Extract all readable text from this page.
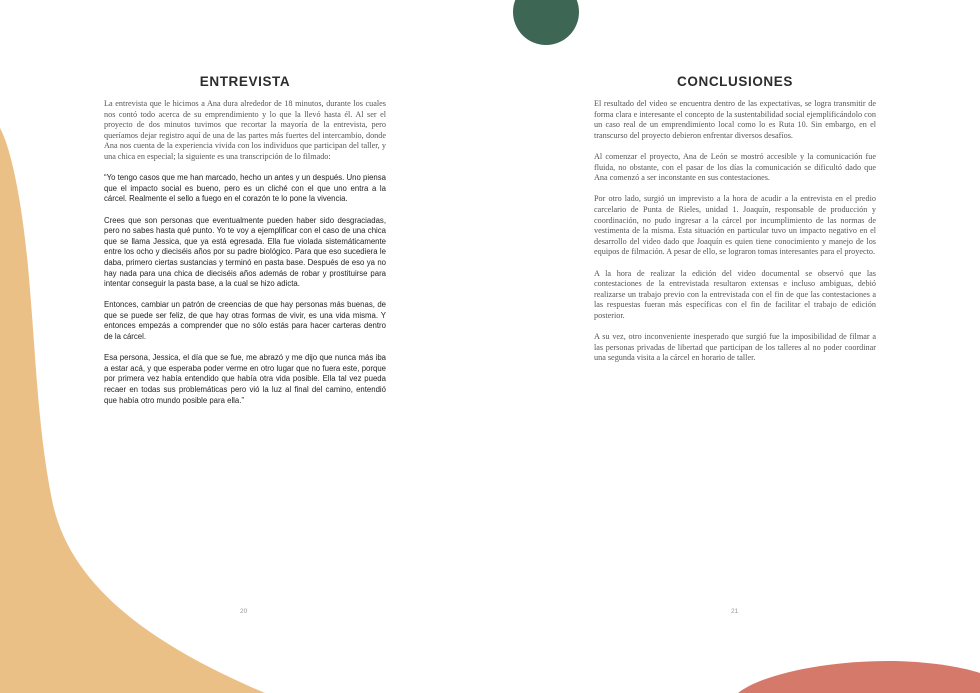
ENTREVISTA

La entrevista que le hicimos a Ana dura alrededor de 18 minutos, durante los cuales nos contó todo acerca de su emprendimiento y lo que la llevó hasta él. Al ser el proyecto de dos minutos tuvimos que recortar la mayoría de la entrevista, pero queríamos dejar registro aquí de una de las partes más fuertes del intercambio, donde Ana nos cuenta de la experiencia vivida con los individuos que participan del taller, y una chica en especial; la siguiente es una transcripción de lo filmado:

“Yo tengo casos que me han marcado, hecho un antes y un después. Uno piensa que el impacto social es bueno, pero es un cliché con el que uno entra a la cárcel. Realmente el sello a fuego en el corazón te lo pone la vivencia.

Crees que son personas que eventualmente pueden haber sido desgraciadas, pero no sabes hasta qué punto. Yo te voy a ejemplificar con el caso de una chica que se llama Jessica, que ya está egresada. Ella fue violada sistemáticamente entre los ocho y dieciséis años por su padre biológico. Para que eso sucediera le daba, primero ciertas sustancias y terminó en pasta base. Después de eso ya no hay nada para una chica de dieciséis años además de robar y prostituirse para intentar conseguir la pasta base, a la cual se hizo adicta.

Entonces, cambiar un patrón de creencias de que hay personas más buenas, de que se puede ser feliz, de que hay otras formas de vivir, es una vida misma. Y entonces empezás a comprender que no sólo estás para hacer carteras dentro de la cárcel.

Esa persona, Jessica, el día que se fue, me abrazó y me dijo que nunca más iba a estar acá, y que esperaba poder verme en otro lugar que no fuera este, porque por primera vez había entendido que había otra vida posible. Ella tal vez pueda recaer en todas sus problemáticas pero vió la luz al final del camino, entendió que había otro mundo posible para ella.”

CONCLUSIONES

El resultado del video se encuentra dentro de las expectativas, se logra transmitir de forma clara e interesante el concepto de la sustentabilidad social ejemplificándolo con un caso real de un emprendimiento local como lo es Ruta 10. Sin embargo, en el transcurso del proyecto debieron enfrentar diversos desafíos.

Al comenzar el proyecto, Ana de León se mostró accesible y la comunicación fue fluida, no obstante, con el pasar de los días la comunicación se dificultó dado que Ana comenzó a ser inconstante en sus contestaciones.

Por otro lado, surgió un imprevisto a la hora de acudir a la entrevista en el predio carcelario de Punta de Rieles, unidad 1. Joaquín, responsable de producción y coordinación, no pudo ingresar a la cárcel por incumplimiento de las normas de vestimenta de la misma. Esta situación en particular tuvo un impacto negativo en el desarrollo del video dado que Joaquín es quien tiene conocimiento y manejo de los equipos de filmación. A pesar de ello, se lograron tomas interesantes para el proyecto.

A la hora de realizar la edición del video documental se observó que las contestaciones de la entrevistada resultaron extensas e incluso ambiguas, debió realizarse un trabajo previo con la entrevistada con el fin de que las contestaciones a las respuestas fueran más específicas con el fin de facilitar el trabajo de edición posterior.

A su vez, otro inconveniente inesperado que surgió fue la imposibilidad de filmar a las personas privadas de libertad que participan de los talleres al no poder coordinar una segunda visita a la cárcel en horario de taller.

20	21
